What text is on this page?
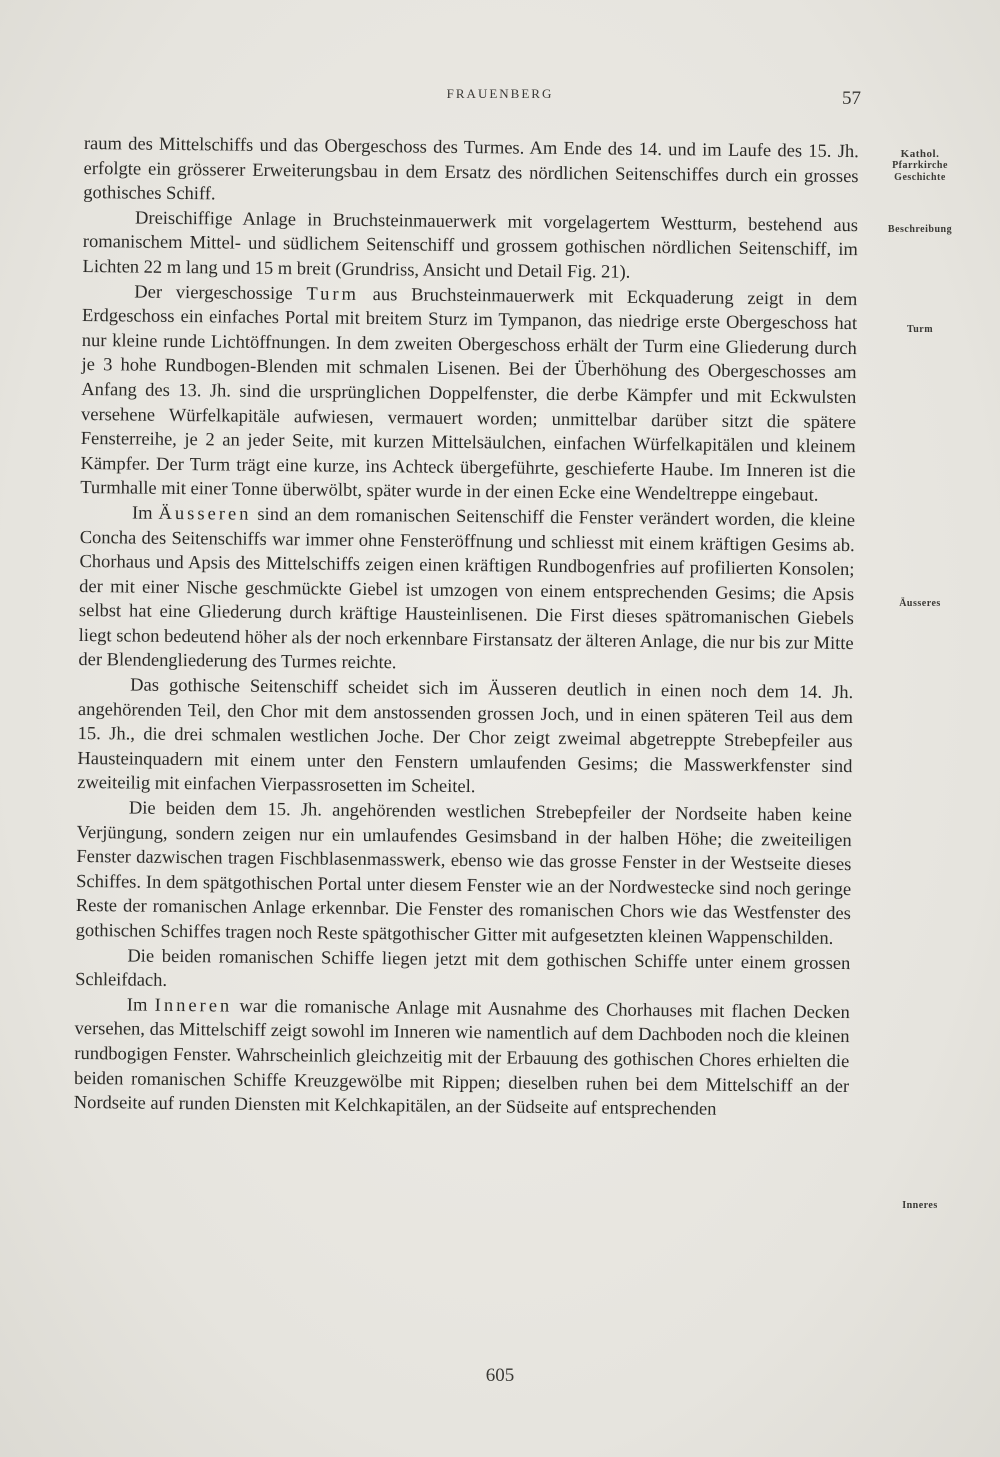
FRAUENBERG	57
Kathol.
Pfarrkirche
Geschichte
Beschreibung
Turm
Äusseres
Inneres

raum des Mittelschiffs und das Obergeschoss des Turmes. Am Ende des 14. und im Laufe des 15. Jh. erfolgte ein grösserer Erweiterungsbau in dem Ersatz des nördlichen Seitenschiffes durch ein grosses gothisches Schiff.

Dreischiffige Anlage in Bruchsteinmauerwerk mit vorgelagertem Westturm, bestehend aus romanischem Mittel- und südlichem Seitenschiff und grossem gothischen nördlichen Seitenschiff, im Lichten 22 m lang und 15 m breit (Grundriss, Ansicht und Detail Fig. 21).

Der viergeschossige Turm aus Bruchsteinmauerwerk mit Eckquaderung zeigt in dem Erdgeschoss ein einfaches Portal mit breitem Sturz im Tympanon, das niedrige erste Obergeschoss hat nur kleine runde Lichtöffnungen. In dem zweiten Obergeschoss erhält der Turm eine Gliederung durch je 3 hohe Rundbogen-Blenden mit schmalen Lisenen. Bei der Überhöhung des Obergeschosses am Anfang des 13. Jh. sind die ursprünglichen Doppelfenster, die derbe Kämpfer und mit Eckwulsten versehene Würfelkapitäle aufwiesen, vermauert worden; unmittelbar darüber sitzt die spätere Fensterreihe, je 2 an jeder Seite, mit kurzen Mittelsäulchen, einfachen Würfelkapitälen und kleinem Kämpfer. Der Turm trägt eine kurze, ins Achteck übergeführte, geschieferte Haube. Im Inneren ist die Turmhalle mit einer Tonne überwölbt, später wurde in der einen Ecke eine Wendeltreppe eingebaut.

Im Äusseren sind an dem romanischen Seitenschiff die Fenster verändert worden, die kleine Concha des Seitenschiffs war immer ohne Fensteröffnung und schliesst mit einem kräftigen Gesims ab. Chorhaus und Apsis des Mittelschiffs zeigen einen kräftigen Rundbogenfries auf profilierten Konsolen; der mit einer Nische geschmückte Giebel ist umzogen von einem entsprechenden Gesims; die Apsis selbst hat eine Gliederung durch kräftige Hausteinlisenen. Die First dieses spätromanischen Giebels liegt schon bedeutend höher als der noch erkennbare Firstansatz der älteren Anlage, die nur bis zur Mitte der Blendengliederung des Turmes reichte.

Das gothische Seitenschiff scheidet sich im Äusseren deutlich in einen noch dem 14. Jh. angehörenden Teil, den Chor mit dem anstossenden grossen Joch, und in einen späteren Teil aus dem 15. Jh., die drei schmalen westlichen Joche. Der Chor zeigt zweimal abgetreppte Strebepfeiler aus Hausteinquadern mit einem unter den Fenstern umlaufenden Gesims; die Masswerkfenster sind zweiteilig mit einfachen Vierpassrosetten im Scheitel.

Die beiden dem 15. Jh. angehörenden westlichen Strebepfeiler der Nordseite haben keine Verjüngung, sondern zeigen nur ein umlaufendes Gesimsband in der halben Höhe; die zweiteiligen Fenster dazwischen tragen Fischblasenmasswerk, ebenso wie das grosse Fenster in der Westseite dieses Schiffes. In dem spätgothischen Portal unter diesem Fenster wie an der Nordwestecke sind noch geringe Reste der romanischen Anlage erkennbar. Die Fenster des romanischen Chors wie das Westfenster des gothischen Schiffes tragen noch Reste spätgothischer Gitter mit aufgesetzten kleinen Wappenschilden.

Die beiden romanischen Schiffe liegen jetzt mit dem gothischen Schiffe unter einem grossen Schleifdach.

Im Inneren war die romanische Anlage mit Ausnahme des Chorhauses mit flachen Decken versehen, das Mittelschiff zeigt sowohl im Inneren wie namentlich auf dem Dachboden noch die kleinen rundbogigen Fenster. Wahrscheinlich gleichzeitig mit der Erbauung des gothischen Chores erhielten die beiden romanischen Schiffe Kreuzgewölbe mit Rippen; dieselben ruhen bei dem Mittelschiff an der Nordseite auf runden Diensten mit Kelchkapitälen, an der Südseite auf entsprechenden

605
